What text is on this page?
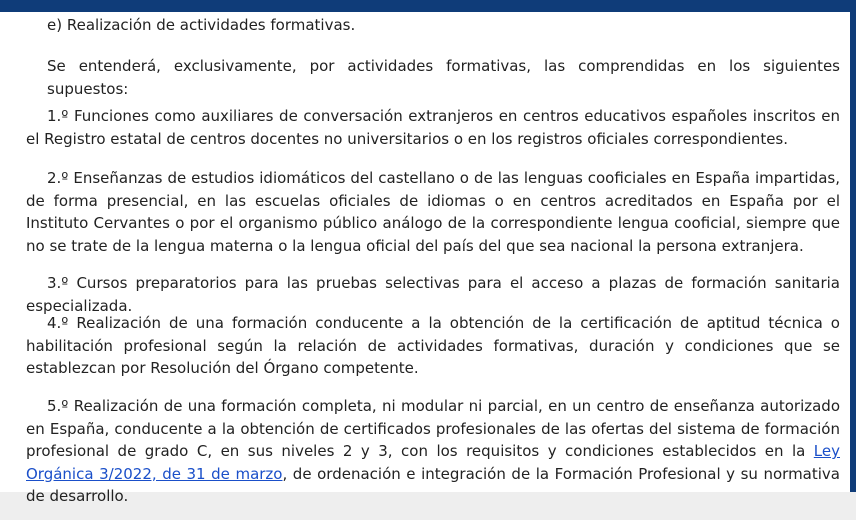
e) Realización de actividades formativas.

Se entenderá, exclusivamente, por actividades formativas, las comprendidas en los siguientes supuestos:

1.º Funciones como auxiliares de conversación extranjeros en centros educativos españoles inscritos en el Registro estatal de centros docentes no universitarios o en los registros oficiales correspondientes.

2.º Enseñanzas de estudios idiomáticos del castellano o de las lenguas cooficiales en España impartidas, de forma presencial, en las escuelas oficiales de idiomas o en centros acreditados en España por el Instituto Cervantes o por el organismo público análogo de la correspondiente lengua cooficial, siempre que no se trate de la lengua materna o la lengua oficial del país del que sea nacional la persona extranjera.

3.º Cursos preparatorios para las pruebas selectivas para el acceso a plazas de formación sanitaria especializada.

4.º Realización de una formación conducente a la obtención de la certificación de aptitud técnica o habilitación profesional según la relación de actividades formativas, duración y condiciones que se establezcan por Resolución del Órgano competente.

5.º Realización de una formación completa, ni modular ni parcial, en un centro de enseñanza autorizado en España, conducente a la obtención de certificados profesionales de las ofertas del sistema de formación profesional de grado C, en sus niveles 2 y 3, con los requisitos y condiciones establecidos en la Ley Orgánica 3/2022, de 31 de marzo, de ordenación e integración de la Formación Profesional y su normativa de desarrollo.
